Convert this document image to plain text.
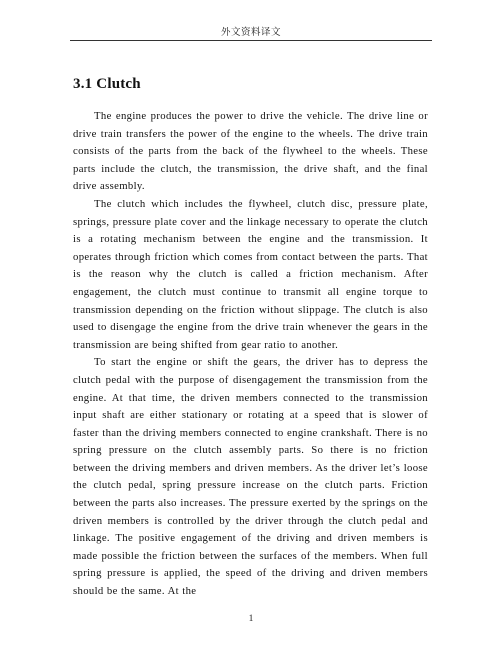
外文资料译文
3.1 Clutch

The engine produces the power to drive the vehicle. The drive line or drive train transfers the power of the engine to the wheels. The drive train consists of the parts from the back of the flywheel to the wheels. These parts include the clutch, the transmission, the drive shaft, and the final drive assembly.

The clutch which includes the flywheel, clutch disc, pressure plate, springs, pressure plate cover and the linkage necessary to operate the clutch is a rotating mechanism between the engine and the transmission. It operates through friction which comes from contact between the parts. That is the reason why the clutch is called a friction mechanism. After engagement, the clutch must continue to transmit all engine torque to transmission depending on the friction without slippage. The clutch is also used to disengage the engine from the drive train whenever the gears in the transmission are being shifted from gear ratio to another.

To start the engine or shift the gears, the driver has to depress the clutch pedal with the purpose of disengagement the transmission from the engine. At that time, the driven members connected to the transmission input shaft are either stationary or rotating at a speed that is slower of faster than the driving members connected to engine crankshaft. There is no spring pressure on the clutch assembly parts. So there is no friction between the driving members and driven members. As the driver let’s loose the clutch pedal, spring pressure increase on the clutch parts. Friction between the parts also increases. The pressure exerted by the springs on the driven members is controlled by the driver through the clutch pedal and linkage. The positive engagement of the driving and driven members is made possible the friction between the surfaces of the members. When full spring pressure is applied, the speed of the driving and driven members should be the same. At the

1
